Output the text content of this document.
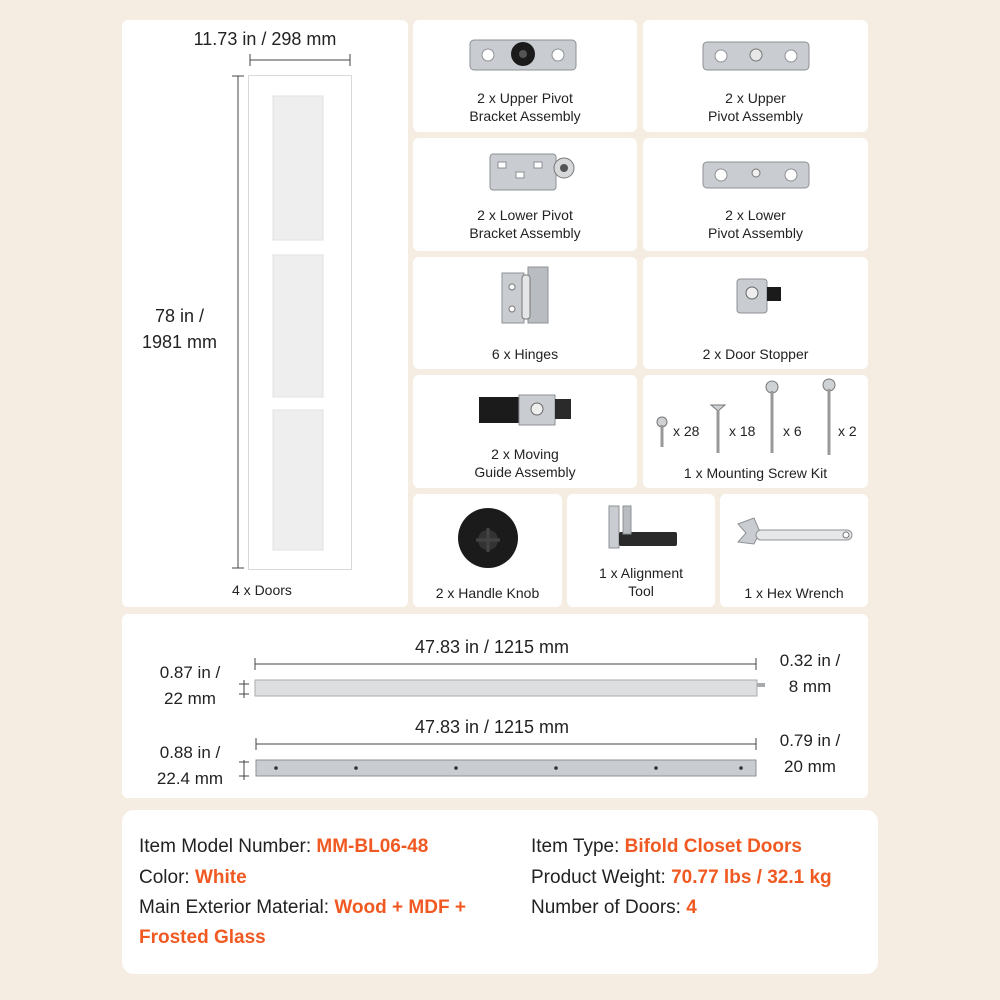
11.73 in / 298 mm
78 in /
1981 mm
4 x Doors
2 x Upper Pivot
Bracket Assembly
2 x Upper
Pivot Assembly
2 x Lower Pivot
Bracket Assembly
2 x Lower
Pivot Assembly
6 x Hinges	2 x Door Stopper
2 x Moving
Guide Assembly
x 28 x 18 x 6	x 2
1 x Mounting Screw Kit
2 x Handle Knob
1 x Alignment
Tool	1 x Hex Wrench
47.83 in / 1215 mm
0.87 in /
22 mm
0.32 in /
8 mm
47.83 in / 1215 mm
0.88 in /
22.4 mm
0.79 in /
20 mm
Item Model Number: MM-BL06-48
Color: White
Main Exterior Material: Wood + MDF +
Frosted Glass
Item Type: Bifold Closet Doors
Product Weight: 70.77 lbs / 32.1 kg
Number of Doors: 4
